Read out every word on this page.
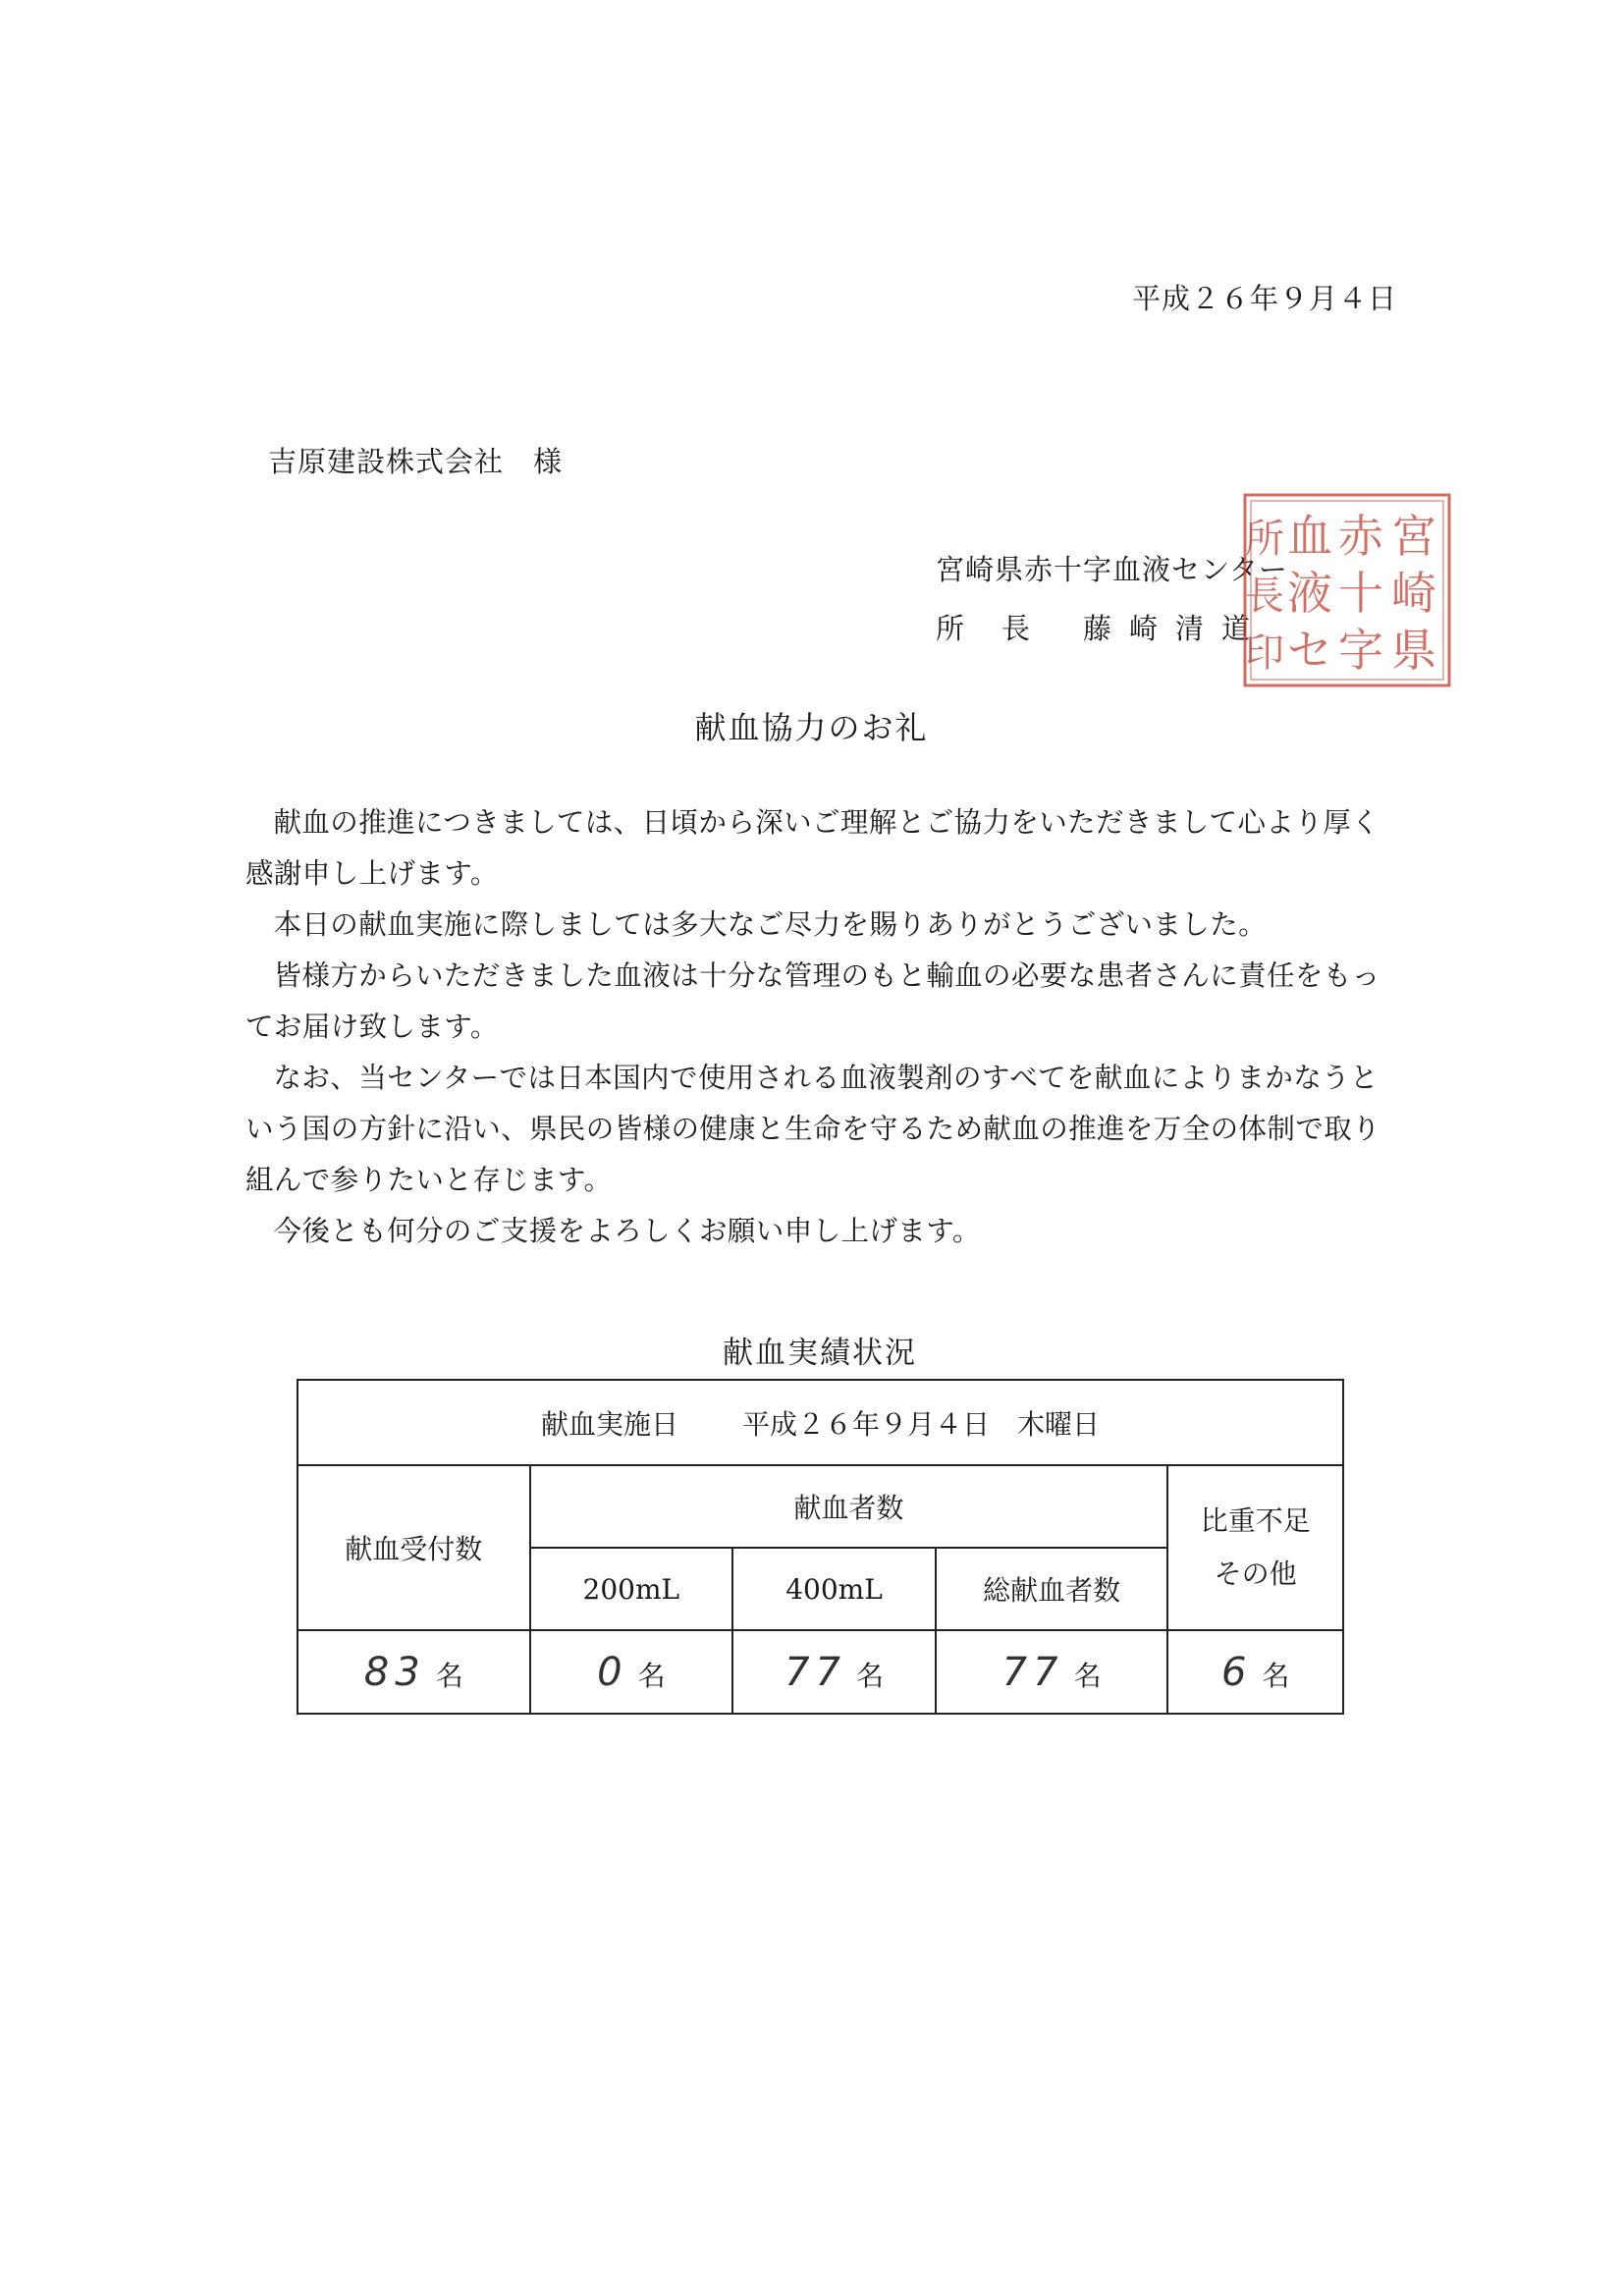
平成２６年９月４日
吉原建設株式会社　様
宮崎県赤十字血液センター
所長 藤崎清道
宮
崎
県
赤
十
字
血
液
セ
所
長
印
献血協力のお礼

献血の推進につきましては、日頃から深いご理解とご協力をいただきまして心より厚く感謝申し上げます。

本日の献血実施に際しましては多大なご尽力を賜りありがとうございました。

皆様方からいただきました血液は十分な管理のもと輸血の必要な患者さんに責任をもってお届け致します。

なお、当センターでは日本国内で使用される血液製剤のすべてを献血によりまかなうという国の方針に沿い、県民の皆様の健康と生命を守るため献血の推進を万全の体制で取り組んで参りたいと存じます。

今後とも何分のご支援をよろしくお願い申し上げます。

献血実績状況
献血実施日　　 平成２６年９月４日　木曜日				
献血受付数	献血者数			比重不足
その他

	200mL	400mL	総献血者数	
83 名	0 名	77 名	77 名	6 名
